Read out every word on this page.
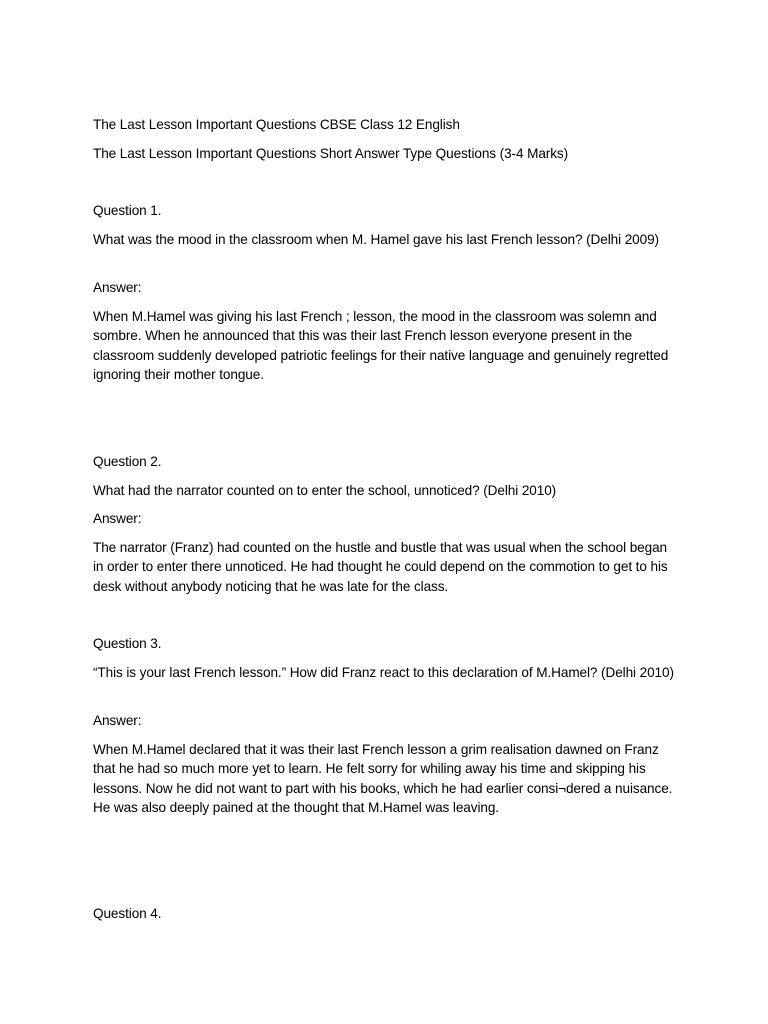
The Last Lesson Important Questions CBSE Class 12 English

The Last Lesson Important Questions Short Answer Type Questions (3-4 Marks)

Question 1.

What was the mood in the classroom when M. Hamel gave his last French lesson? (Delhi 2009)

Answer:

When M.Hamel was giving his last French ; lesson, the mood in the classroom was solemn and sombre. When he announced that this was their last French lesson everyone present in the classroom suddenly developed patriotic feelings for their native language and genuinely regretted ignoring their mother tongue.

Question 2.

What had the narrator counted on to enter the school, unnoticed? (Delhi 2010)

Answer:

The narrator (Franz) had counted on the hustle and bustle that was usual when the school began in order to enter there unnoticed. He had thought he could depend on the commotion to get to his desk without anybody noticing that he was late for the class.

Question 3.

“This is your last French lesson.” How did Franz react to this declaration of M.Hamel? (Delhi 2010)

Answer:

When M.Hamel declared that it was their last French lesson a grim realisation dawned on Franz that he had so much more yet to learn. He felt sorry for whiling away his time and skipping his lessons. Now he did not want to part with his books, which he had earlier consi¬dered a nuisance. He was also deeply pained at the thought that M.Hamel was leaving.

Question 4.
